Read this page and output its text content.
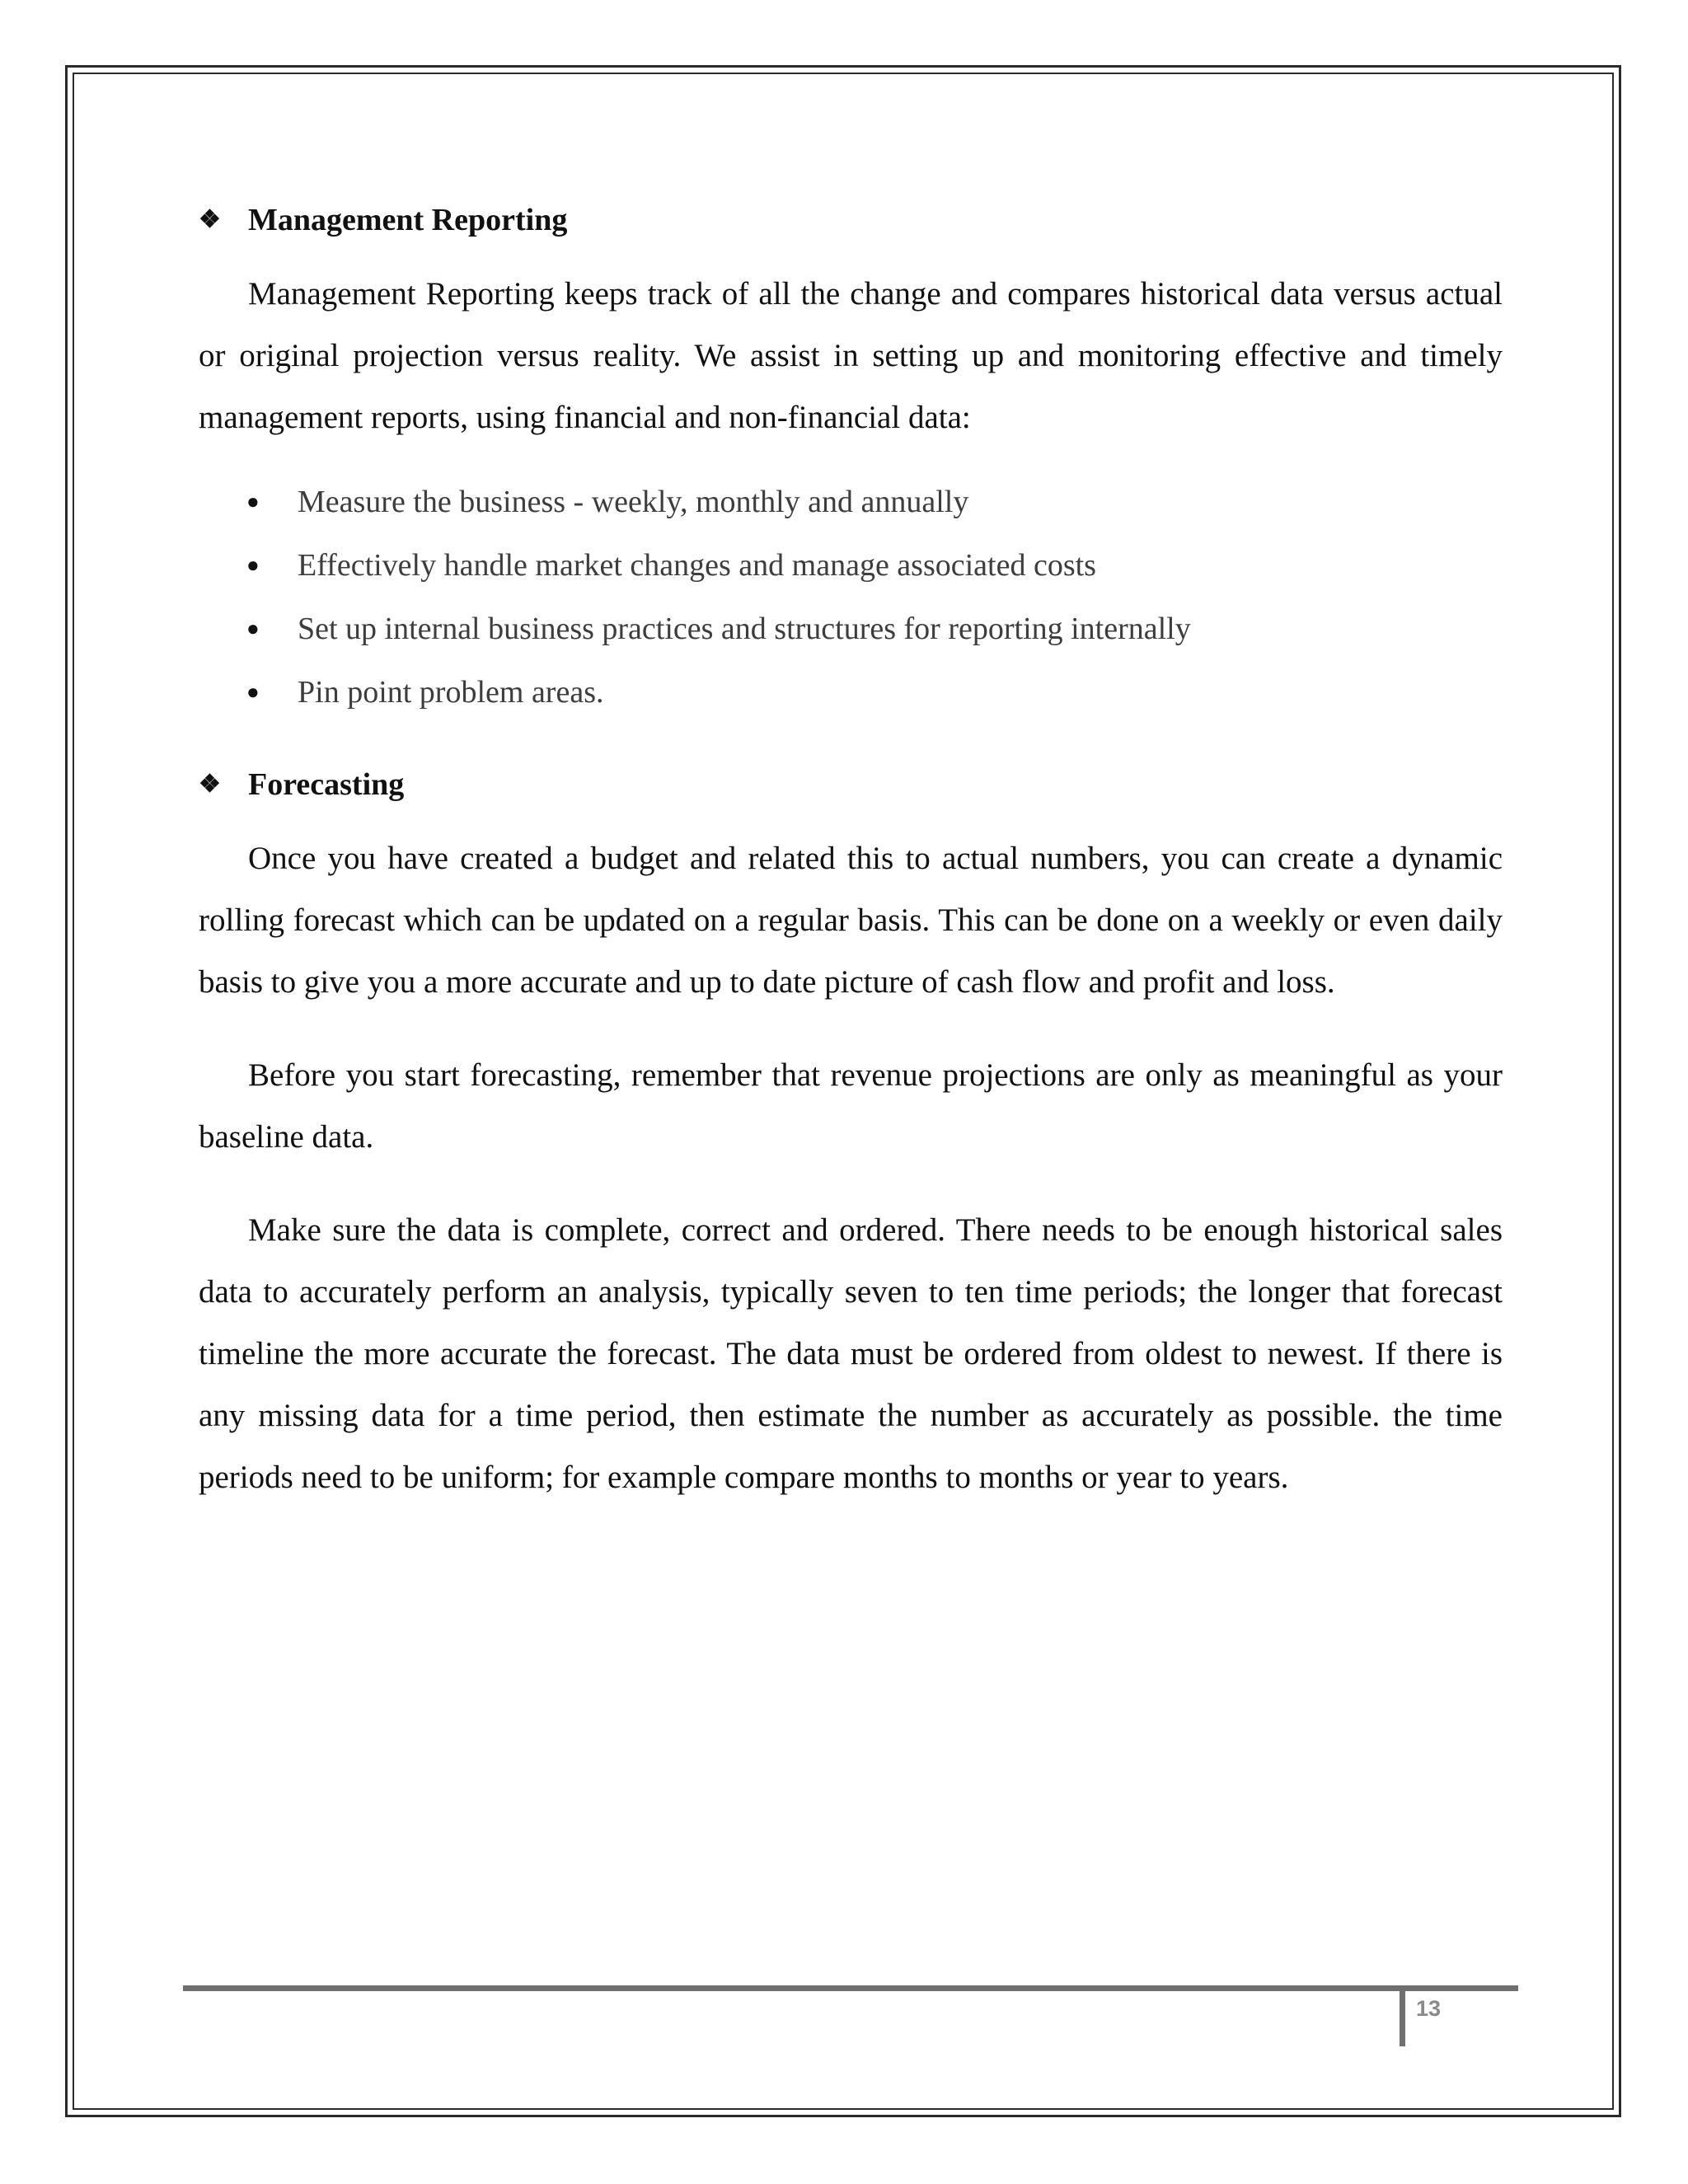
❖ Management Reporting

Management Reporting keeps track of all the change and compares historical data versus actual or original projection versus reality. We assist in setting up and monitoring effective and timely management reports, using financial and non-financial data:

●	Measure the business - weekly, monthly and annually
●	Effectively handle market changes and manage associated costs
●	Set up internal business practices and structures for reporting internally
●	Pin point problem areas.
❖ Forecasting

Once you have created a budget and related this to actual numbers, you can create a dynamic rolling forecast which can be updated on a regular basis. This can be done on a weekly or even daily basis to give you a more accurate and up to date picture of cash flow and profit and loss.

Before you start forecasting, remember that revenue projections are only as meaningful as your baseline data.

Make sure the data is complete, correct and ordered. There needs to be enough historical sales data to accurately perform an analysis, typically seven to ten time periods; the longer that forecast timeline the more accurate the forecast. The data must be ordered from oldest to newest. If there is any missing data for a time period, then estimate the number as accurately as possible. the time periods need to be uniform; for example compare months to months or year to years.

13
